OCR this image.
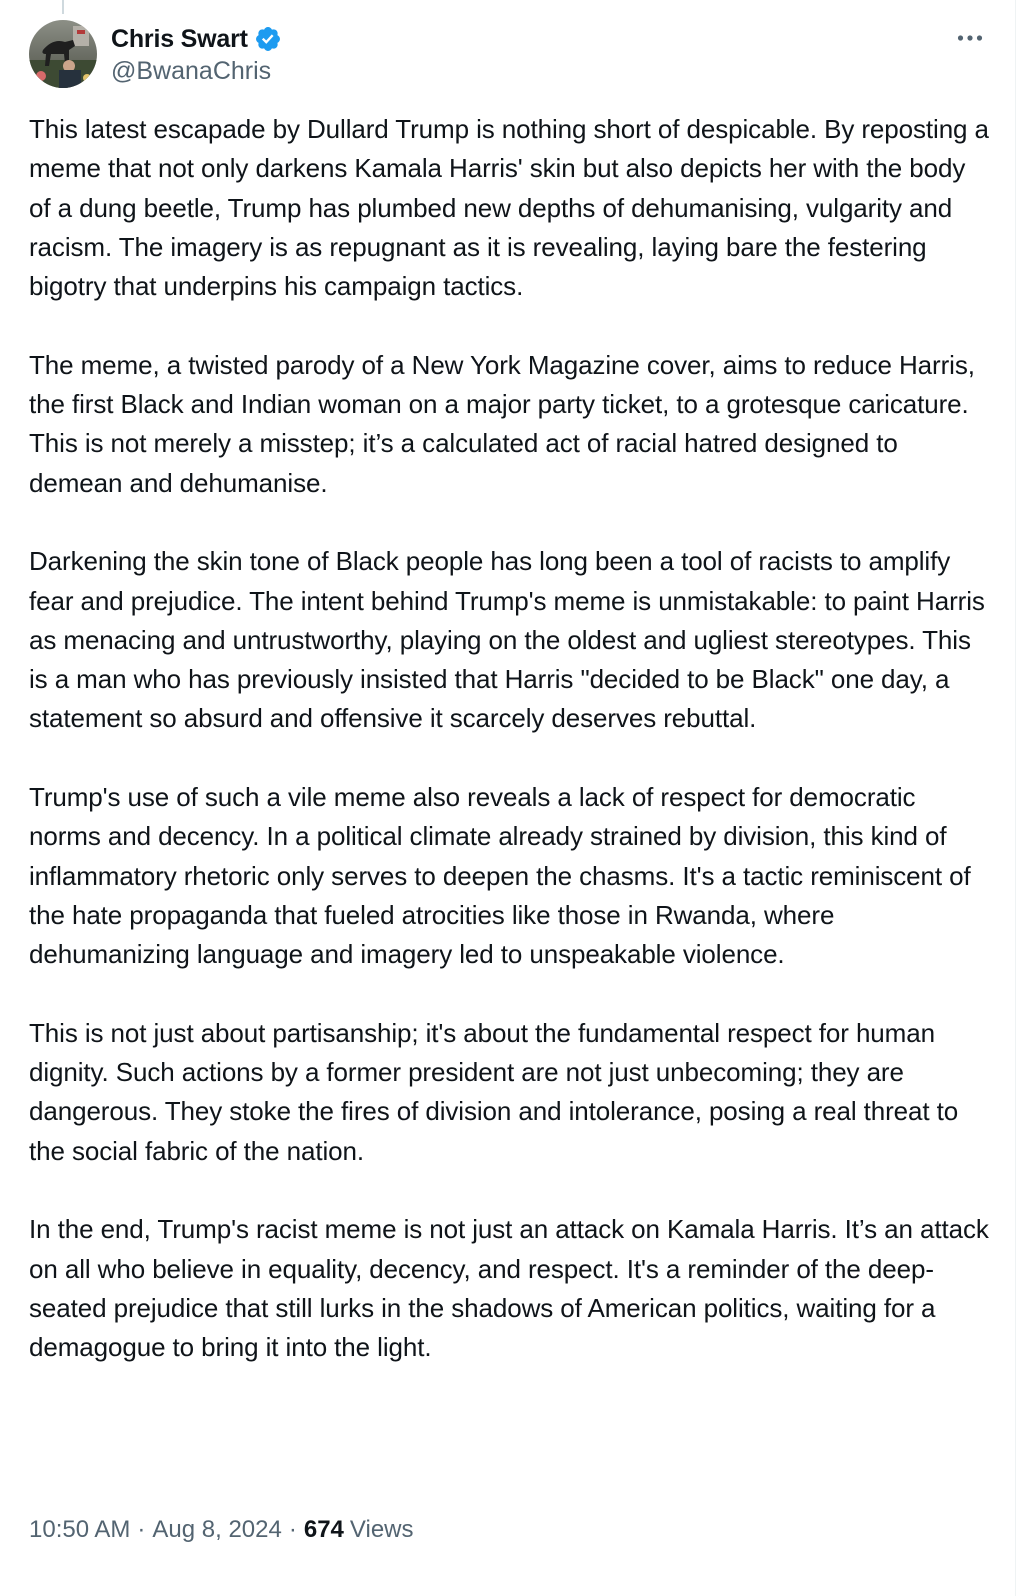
Chris Swart
@BwanaChris

This latest escapade by Dullard Trump is nothing short of despicable. By reposting a meme that not only darkens Kamala Harris' skin but also depicts her with the body of a dung beetle, Trump has plumbed new depths of dehumanising, vulgarity and racism. The imagery is as repugnant as it is revealing, laying bare the festering bigotry that underpins his campaign tactics.

The meme, a twisted parody of a New York Magazine cover, aims to reduce Harris, the first Black and Indian woman on a major party ticket, to a grotesque caricature. This is not merely a misstep; it’s a calculated act of racial hatred designed to demean and dehumanise.

Darkening the skin tone of Black people has long been a tool of racists to amplify fear and prejudice. The intent behind Trump's meme is unmistakable: to paint Harris as menacing and untrustworthy, playing on the oldest and ugliest stereotypes. This is a man who has previously insisted that Harris "decided to be Black" one day, a statement so absurd and offensive it scarcely deserves rebuttal.

Trump's use of such a vile meme also reveals a lack of respect for democratic norms and decency. In a political climate already strained by division, this kind of inflammatory rhetoric only serves to deepen the chasms. It's a tactic reminiscent of the hate propaganda that fueled atrocities like those in Rwanda, where dehumanizing language and imagery led to unspeakable violence.

This is not just about partisanship; it's about the fundamental respect for human dignity. Such actions by a former president are not just unbecoming; they are dangerous. They stoke the fires of division and intolerance, posing a real threat to the social fabric of the nation.

In the end, Trump's racist meme is not just an attack on Kamala Harris. It’s an attack on all who believe in equality, decency, and respect. It's a reminder of the deep-seated prejudice that still lurks in the shadows of American politics, waiting for a demagogue to bring it into the light.

10:50 AM · Aug 8, 2024 · 674 Views
